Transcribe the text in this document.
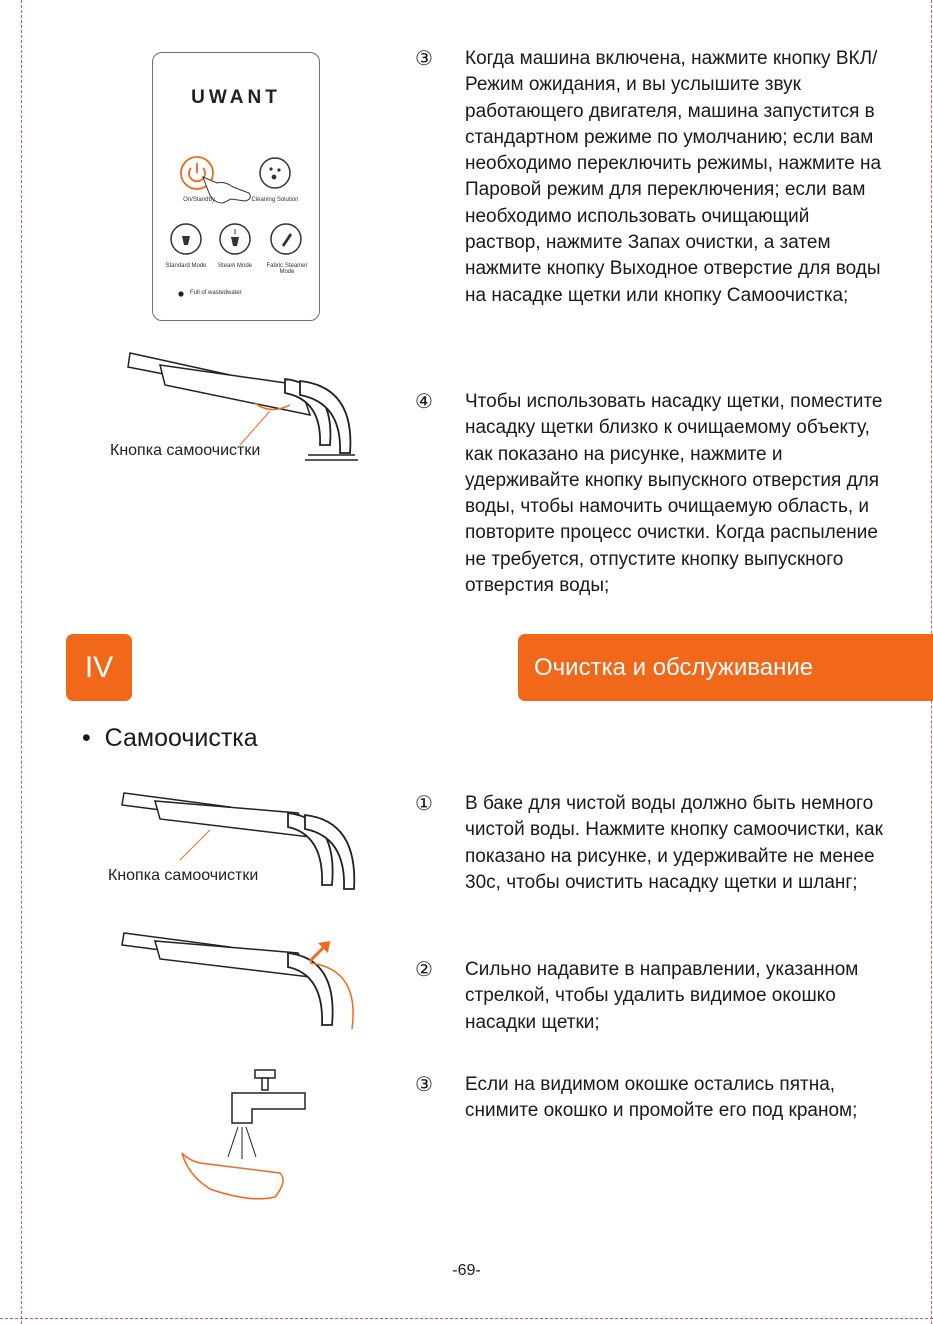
UWANT
On/Standby	Cleaning Solution
Standard Mode	Steam Mode	Fabric Steamer Mode
Full of wastedwater
Кнопка самоочистки
③	Когда машина включена, нажмите кнопку ВКЛ/Режим ожидания, и вы услышите звук работающего двигателя, машина запустится в стандартном режиме по умолчанию; если вам необходимо переключить режимы, нажмите на Паровой режим для переключения; если вам необходимо использовать очищающий раствор, нажмите Запах очистки, а затем нажмите кнопку Выходное отверстие для воды на насадке щетки или кнопку Самоочистка;
④	Чтобы использовать насадку щетки, поместите насадку щетки близко к очищаемому объекту, как показано на рисунке, нажмите и удерживайте кнопку выпускного отверстия для воды, чтобы намочить очищаемую область, и повторите процесс очистки. Когда распыление не требуется, отпустите кнопку выпускного отверстия воды;
IV	Очистка и обслуживание
•  Самоочистка
Кнопка самоочистки
①	В баке для чистой воды должно быть немного чистой воды. Нажмите кнопку самоочистки, как показано на рисунке, и удерживайте не менее 30с, чтобы очистить насадку щетки и шланг;
②	Сильно надавите в направлении, указанном стрелкой, чтобы удалить видимое окошко насадки щетки;
③	Если на видимом окошке остались пятна, снимите окошко и промойте его под краном;
-69-
